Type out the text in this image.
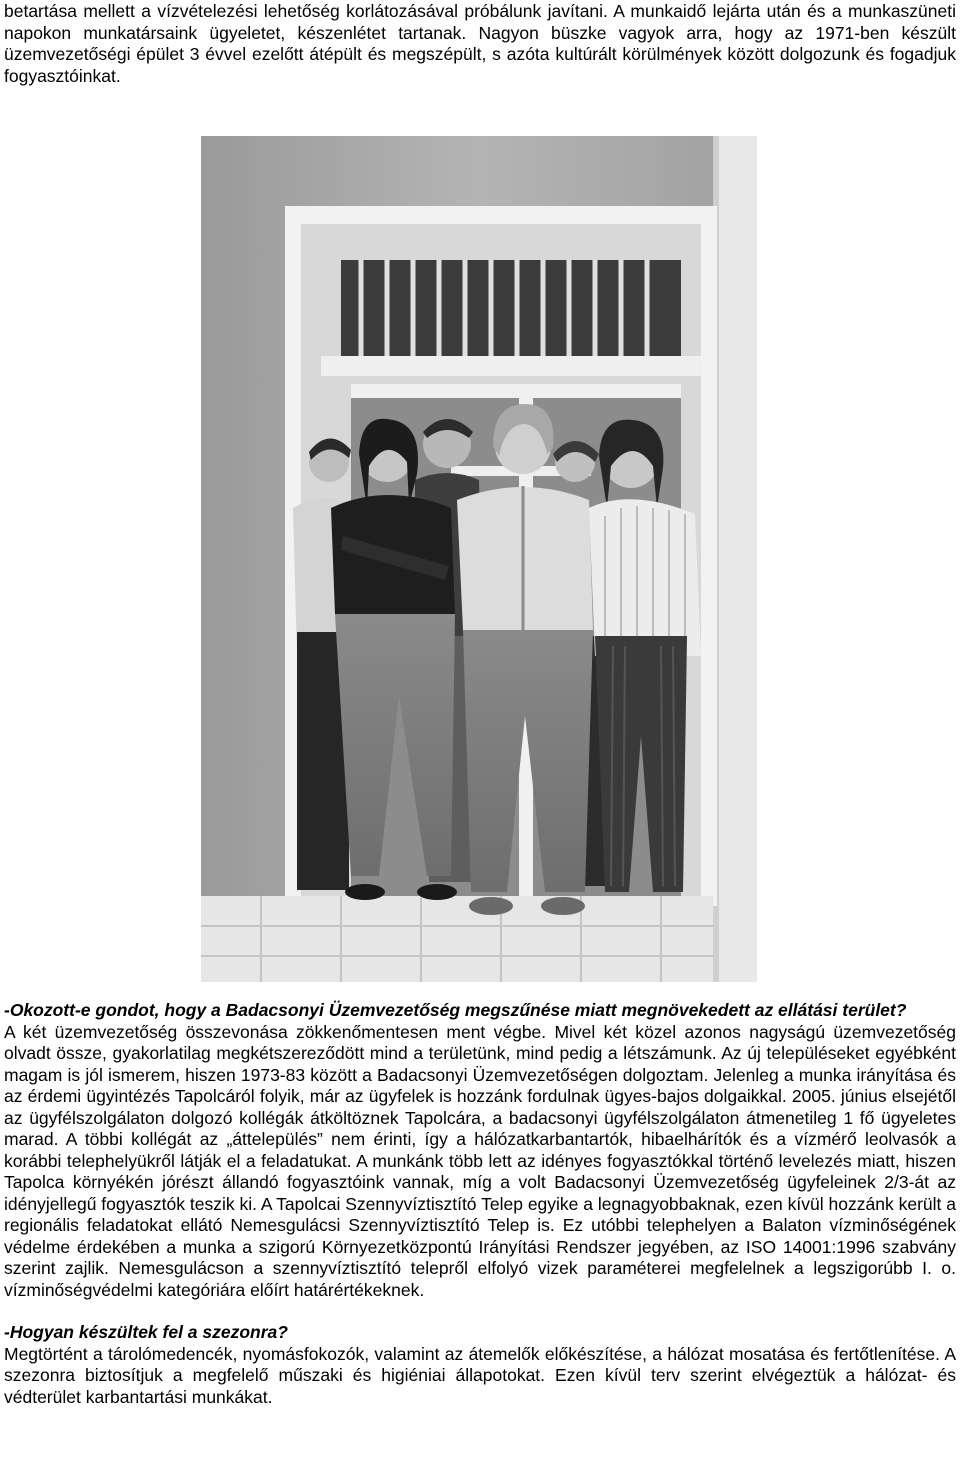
betartása mellett a vízvételezési lehetőség korlátozásával próbálunk javítani. A munkaidő lejárta után és a munkaszüneti napokon munkatársaink ügyeletet, készenlétet tartanak. Nagyon büszke vagyok arra, hogy az 1971-ben készült üzemvezetőségi épület 3 évvel ezelőtt átépült és megszépült, s azóta kultúrált körülmények között dolgozunk és fogadjuk fogyasztóinkat.

-Okozott-e gondot, hogy a Badacsonyi Üzemvezetőség megszűnése miatt megnövekedett az ellátási terület?

A két üzemvezetőség összevonása zökkenőmentesen ment végbe. Mivel két közel azonos nagyságú üzemvezetőség olvadt össze, gyakorlatilag megkétszereződött mind a területünk, mind pedig a létszámunk. Az új településeket egyébként magam is jól ismerem, hiszen 1973-83 között a Badacsonyi Üzemvezetőségen dolgoztam. Jelenleg a munka irányítása és az érdemi ügyintézés Tapolcáról folyik, már az ügyfelek is hozzánk fordulnak ügyes-bajos dolgaikkal. 2005. június elsejétől az ügyfélszolgálaton dolgozó kollégák átköltöznek Tapolcára, a badacsonyi ügyfélszolgálaton átmenetileg 1 fő ügyeletes marad. A többi kollégát az „áttelepülés” nem érinti, így a hálózatkarbantartók, hibaelhárítók és a vízmérő leolvasók a korábbi telephelyükről látják el a feladatukat. A munkánk több lett az idényes fogyasztókkal történő levelezés miatt, hiszen Tapolca környékén jórészt állandó fogyasztóink vannak, míg a volt Badacsonyi Üzemvezetőség ügyfeleinek 2/3-át az idényjellegű fogyasztók teszik ki. A Tapolcai Szennyvíztisztító Telep egyike a legnagyobbaknak, ezen kívül hozzánk került a regionális feladatokat ellátó Nemesgulácsi Szennyvíztisztító Telep is. Ez utóbbi telephelyen a Balaton vízminőségének védelme érdekében a munka a szigorú Környezetközpontú Irányítási Rendszer jegyében, az ISO 14001:1996 szabvány szerint zajlik. Nemesgulácson a szennyvíztisztító telepről elfolyó vizek paraméterei megfelelnek a legszigorúbb I. o. vízminőségvédelmi kategóriára előírt határértékeknek.

-Hogyan készültek fel a szezonra?

Megtörtént a tárolómedencék, nyomásfokozók, valamint az átemelők előkészítése, a hálózat mosatása és fertőtlenítése. A szezonra biztosítjuk a megfelelő műszaki és higiéniai állapotokat. Ezen kívül terv szerint elvégeztük a hálózat- és védterület karbantartási munkákat.
